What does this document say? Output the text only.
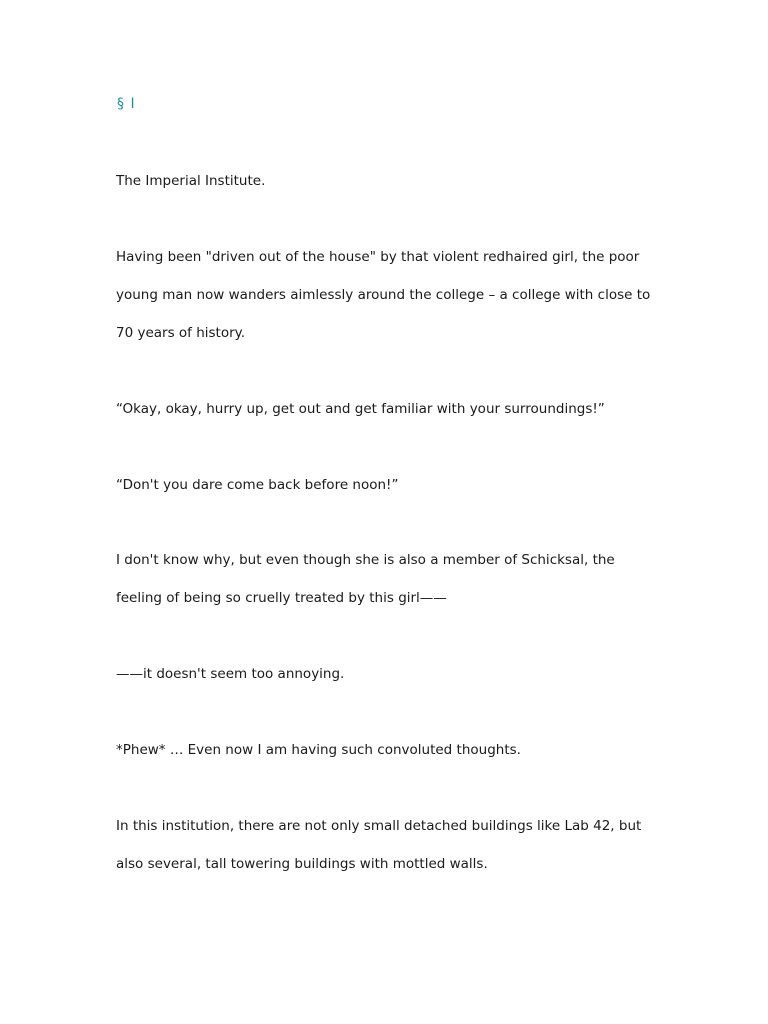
§ Ⅰ
The Imperial Institute.
Having been "driven out of the house" by that violent redhaired girl, the poor
young man now wanders aimlessly around the college – a college with close to
70 years of history.
“Okay, okay, hurry up, get out and get familiar with your surroundings!”
“Don't you dare come back before noon!”
I don't know why, but even though she is also a member of Schicksal, the
feeling of being so cruelly treated by this girl——
——it doesn't seem too annoying.
*Phew* … Even now I am having such convoluted thoughts.
In this institution, there are not only small detached buildings like Lab 42, but
also several, tall towering buildings with mottled walls.
